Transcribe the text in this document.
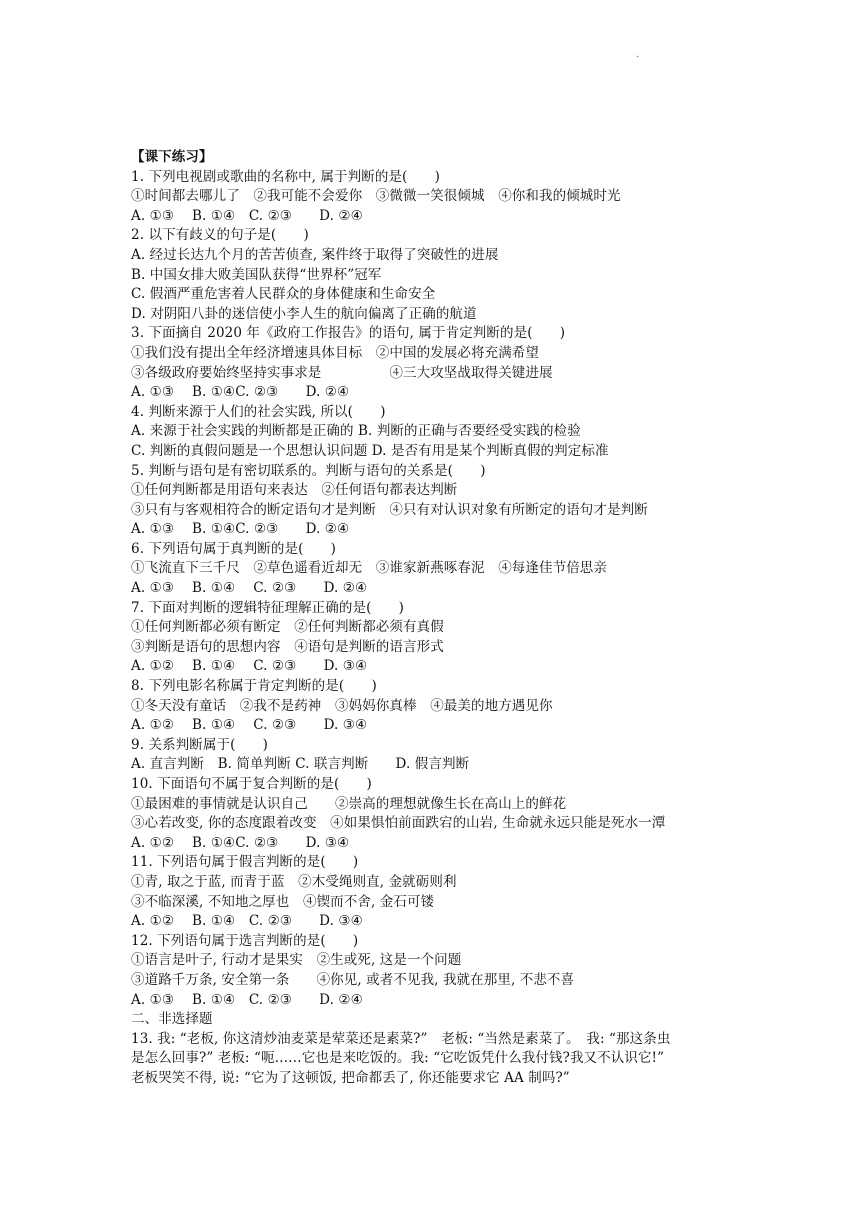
·
【课下练习】
1. 下列电视剧或歌曲的名称中, 属于判断的是(　　)
①时间都去哪儿了　②我可能不会爱你　③微微一笑很倾城　④你和我的倾城时光
A. ①③　 B. ①④　C. ②③　　D. ②④
2. 以下有歧义的句子是(　　)
A. 经过长达九个月的苦苦侦查, 案件终于取得了突破性的进展
B. 中国女排大败美国队获得“世界杯”冠军
C. 假酒严重危害着人民群众的身体健康和生命安全
D. 对阴阳八卦的迷信使小李人生的航向偏离了正确的航道
3. 下面摘自 2020 年《政府工作报告》的语句, 属于肯定判断的是(　　)
①我们没有提出全年经济增速具体目标　②中国的发展必将充满希望
③各级政府要始终坚持实事求是　　　　　④三大攻坚战取得关键进展
A. ①③　 B. ①④C. ②③　　D. ②④
4. 判断来源于人们的社会实践, 所以(　　)
A. 来源于社会实践的判断都是正确的 B. 判断的正确与否要经受实践的检验
C. 判断的真假问题是一个思想认识问题 D. 是否有用是某个判断真假的判定标准
5. 判断与语句是有密切联系的。判断与语句的关系是(　　)
①任何判断都是用语句来表达　②任何语句都表达判断
③只有与客观相符合的断定语句才是判断　④只有对认识对象有所断定的语句才是判断
A. ①③　 B. ①④C. ②③　　D. ②④
6. 下列语句属于真判断的是(　　)
①飞流直下三千尺　②草色遥看近却无　③谁家新燕啄春泥　④每逢佳节倍思亲
A. ①③　 B. ①④　 C. ②③　　D. ②④
7. 下面对判断的逻辑特征理解正确的是(　　)
①任何判断都必须有断定　②任何判断都必须有真假
③判断是语句的思想内容　④语句是判断的语言形式
A. ①②　 B. ①④　 C. ②③　　D. ③④
8. 下列电影名称属于肯定判断的是(　　)
①冬天没有童话　②我不是药神　③妈妈你真棒　④最美的地方遇见你
A. ①②　 B. ①④　 C. ②③　　D. ③④
9. 关系判断属于(　　)
A. 直言判断　B. 简单判断 C. 联言判断　　D. 假言判断
10. 下面语句不属于复合判断的是(　　)
①最困难的事情就是认识自己　　②崇高的理想就像生长在高山上的鲜花
③心若改变, 你的态度跟着改变　④如果惧怕前面跌宕的山岩, 生命就永远只能是死水一潭
A. ①②　 B. ①④C. ②③　　D. ③④
11. 下列语句属于假言判断的是(　　)
①青, 取之于蓝, 而青于蓝　②木受绳则直, 金就砺则利
③不临深溪, 不知地之厚也　④锲而不舍, 金石可镂
A. ①②　 B. ①④　C. ②③　　D. ③④
12. 下列语句属于选言判断的是(　　)
①语言是叶子, 行动才是果实　②生或死, 这是一个问题
③道路千万条, 安全第一条　　④你见, 或者不见我, 我就在那里, 不悲不喜
A. ①③　 B. ①④　C. ②③　　D. ②④
二、非选择题
13. 我: “老板, 你这清炒油麦菜是荤菜还是素菜?”　老板: “当然是素菜了。　我: “那这条虫
是怎么回事?” 老板: “呃……它也是来吃饭的。我: “它吃饭凭什么我付钱?我又不认识它!”
老板哭笑不得, 说: “它为了这顿饭, 把命都丢了, 你还能要求它 AA 制吗?”
